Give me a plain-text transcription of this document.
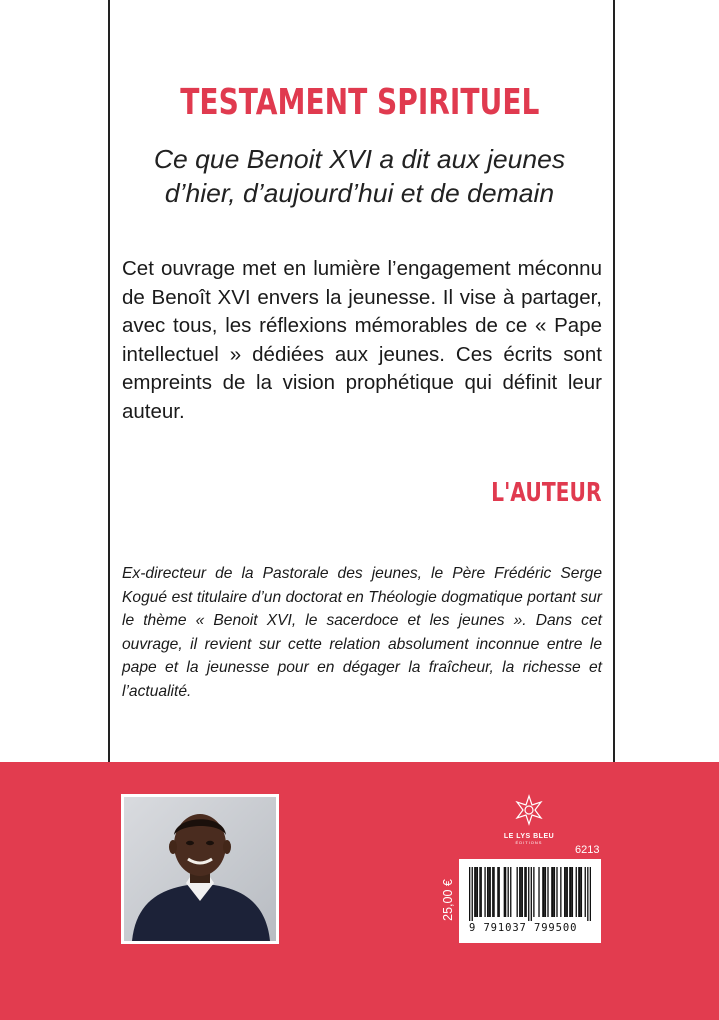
TESTAMENT SPIRITUEL
Ce que Benoit XVI a dit aux jeunes
d’hier, d’aujourd’hui et de demain
Cet ouvrage met en lumière l’engagement méconnu de Benoît XVI envers la jeunesse. Il vise à partager, avec tous, les réflexions mémorables de ce « Pape intellectuel » dédiées aux jeunes. Ces écrits sont empreints de la vision prophétique qui définit leur auteur.
L'AUTEUR
Ex-directeur de la Pastorale des jeunes, le Père Frédéric Serge Kogué est titulaire d’un doctorat en Théologie dogmatique portant sur le thème « Benoit XVI, le sacerdoce et les jeunes ». Dans cet ouvrage, il revient sur cette relation absolument inconnue entre le pape et la jeunesse pour en dégager la fraîcheur, la richesse et l’actualité.
LE LYS BLEU
ÉDITIONS
6213
25,00 €
9 791037 799500
